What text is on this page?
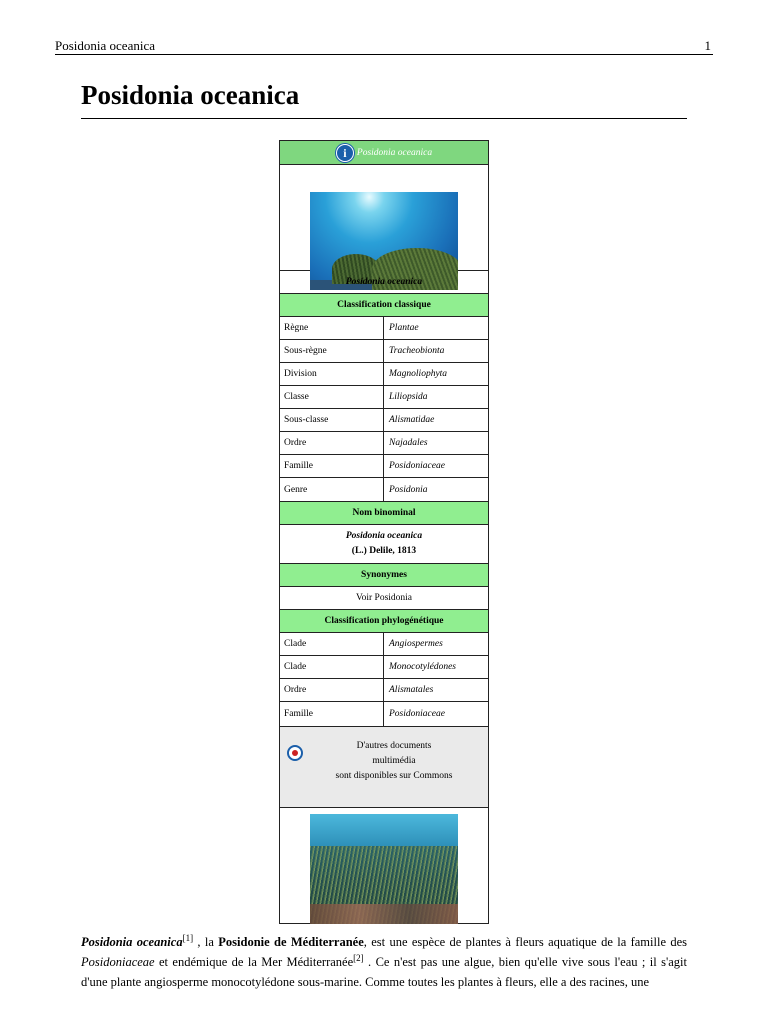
Posidonia oceanica	1
Posidonia oceanica
i	Posidonia oceanica
Posidonia oceanica
Classification classique
Règne	Plantae
Sous-règne	Tracheobionta
Division	Magnoliophyta
Classe	Liliopsida
Sous-classe	Alismatidae
Ordre	Najadales
Famille	Posidoniaceae
Genre	Posidonia
Nom binominal
Posidonia oceanica
(L.) Delile, 1813
Synonymes
Voir Posidonia
Classification phylogénétique
Clade	Angiospermes
Clade	Monocotylédones
Ordre	Alismatales
Famille	Posidoniaceae
D'autres documents
multimédia
sont disponibles sur Commons
Posidonia oceanica[1] , la Posidonie de Méditerranée, est une espèce de plantes à fleurs aquatique de la famille des Posidoniaceae et endémique de la Mer Méditerranée[2] . Ce n'est pas une algue, bien qu'elle vive sous l'eau ; il s'agit d'une plante angiosperme monocotylédone sous-marine. Comme toutes les plantes à fleurs, elle a des racines, une
